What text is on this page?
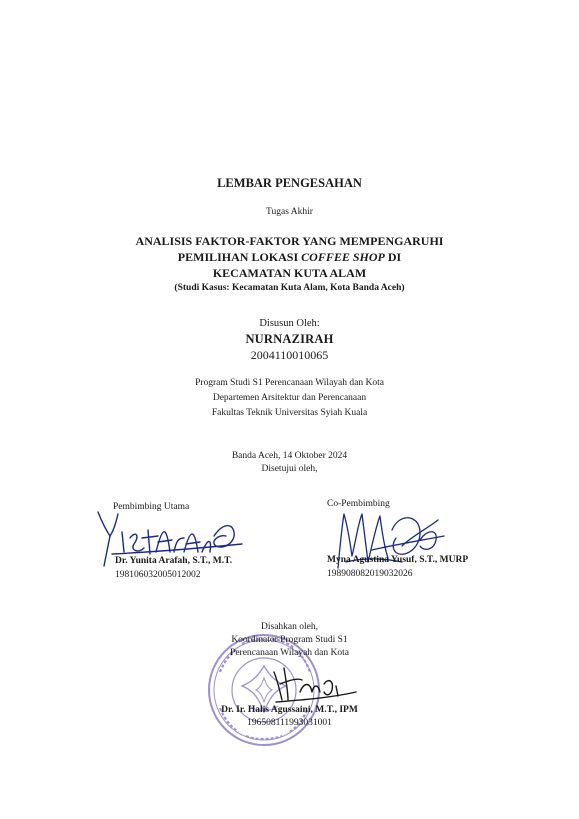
LEMBAR PENGESAHAN
Tugas Akhir
ANALISIS FAKTOR-FAKTOR YANG MEMPENGARUHI
PEMILIHAN LOKASI COFFEE SHOP DI
KECAMATAN KUTA ALAM
(Studi Kasus: Kecamatan Kuta Alam, Kota Banda Aceh)
Disusun Oleh:
NURNAZIRAH
2004110010065
Program Studi S1 Perencanaan Wilayah dan Kota
Departemen Arsitektur dan Perencanaan
Fakultas Teknik Universitas Syiah Kuala
Banda Aceh, 14 Oktober 2024
Disetujui oleh,
Pembimbing Utama
Dr. Yunita Arafah, S.T., M.T.
198106032005012002
Co-Pembimbing
Myna Agustina Yusuf, S.T., MURP
198908082019032026
Disahkan oleh,
Koordinator Program Studi S1
Perencanaan Wilayah dan Kota
Dr. Ir. Halis Agussaini, M.T., IPM
196508111993031001
